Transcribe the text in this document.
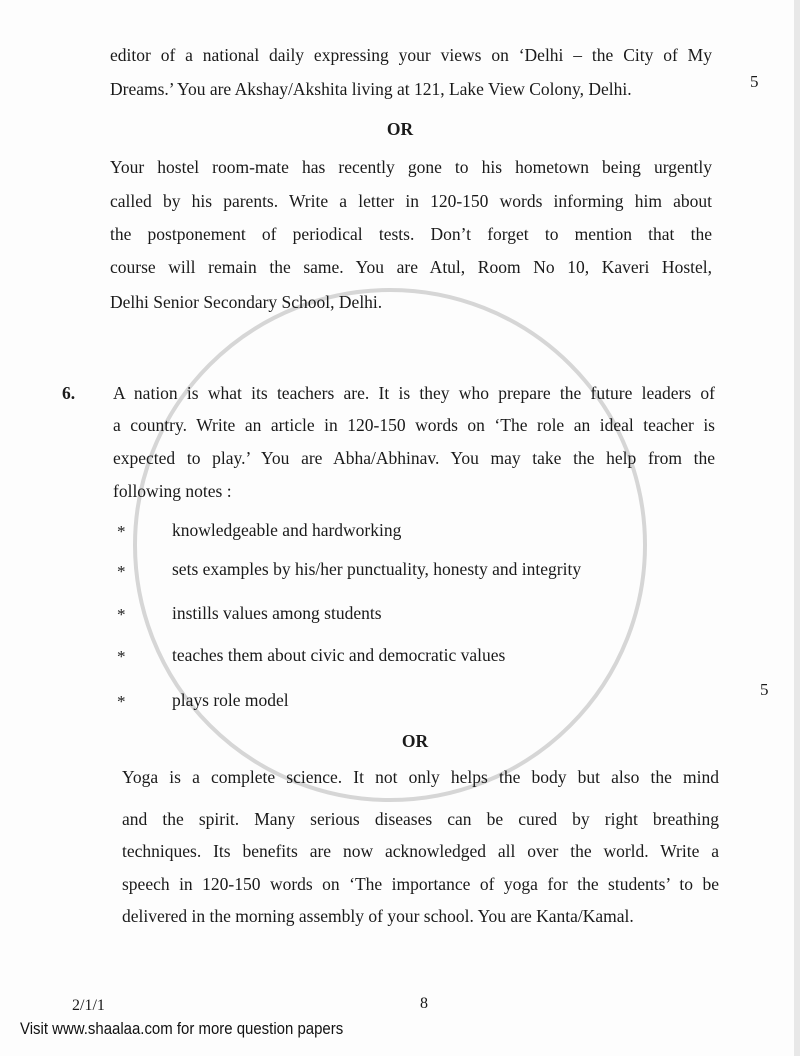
editor of a national daily expressing your views on ‘Delhi – the City of My
Dreams.’ You are Akshay/Akshita living at 121, Lake View Colony, Delhi.	5
OR
Your hostel room-mate has recently gone to his hometown being urgently
called by his parents. Write a letter in 120-150 words informing him about
the postponement of periodical tests. Don’t forget to mention that the
course will remain the same. You are Atul, Room No 10, Kaveri Hostel,
Delhi Senior Secondary School, Delhi.
6. A nation is what its teachers are. It is they who prepare the future leaders of
a country. Write an article in 120-150 words on ‘The role an ideal teacher is
expected to play.’ You are Abha/Abhinav. You may take the help from the
following notes :
*	knowledgeable and hardworking
*	sets examples by his/her punctuality, honesty and integrity
*	instills values among students
*	teaches them about civic and democratic values
*	plays role model
5
OR
Yoga is a complete science. It not only helps the body but also the mind
and the spirit. Many serious diseases can be cured by right breathing
techniques. Its benefits are now acknowledged all over the world. Write a
speech in 120-150 words on ‘The importance of yoga for the students’ to be
delivered in the morning assembly of your school. You are Kanta/Kamal.
2/1/1	8
Visit www.shaalaa.com for more question papers
